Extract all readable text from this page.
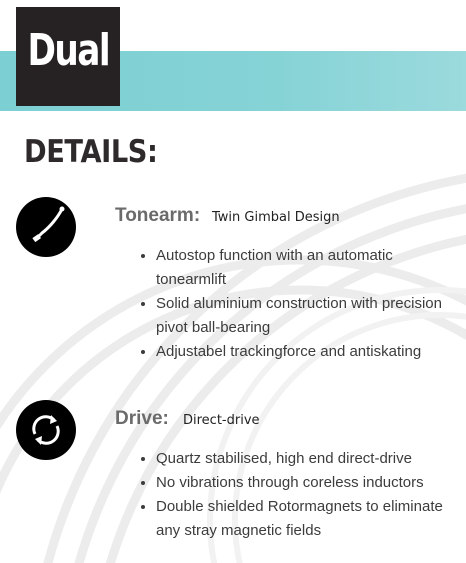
Dual
DETAILS:
Tonearm: Twin Gimbal Design
• Autostop function with an automatic tonearmlift
• Solid aluminium construction with precision pivot ball-bearing
• Adjustabel trackingforce and antiskating
Drive: Direct-drive
• Quartz stabilised, high end direct-drive
• No vibrations through coreless inductors
• Double shielded Rotormagnets to eliminate any stray magnetic fields
